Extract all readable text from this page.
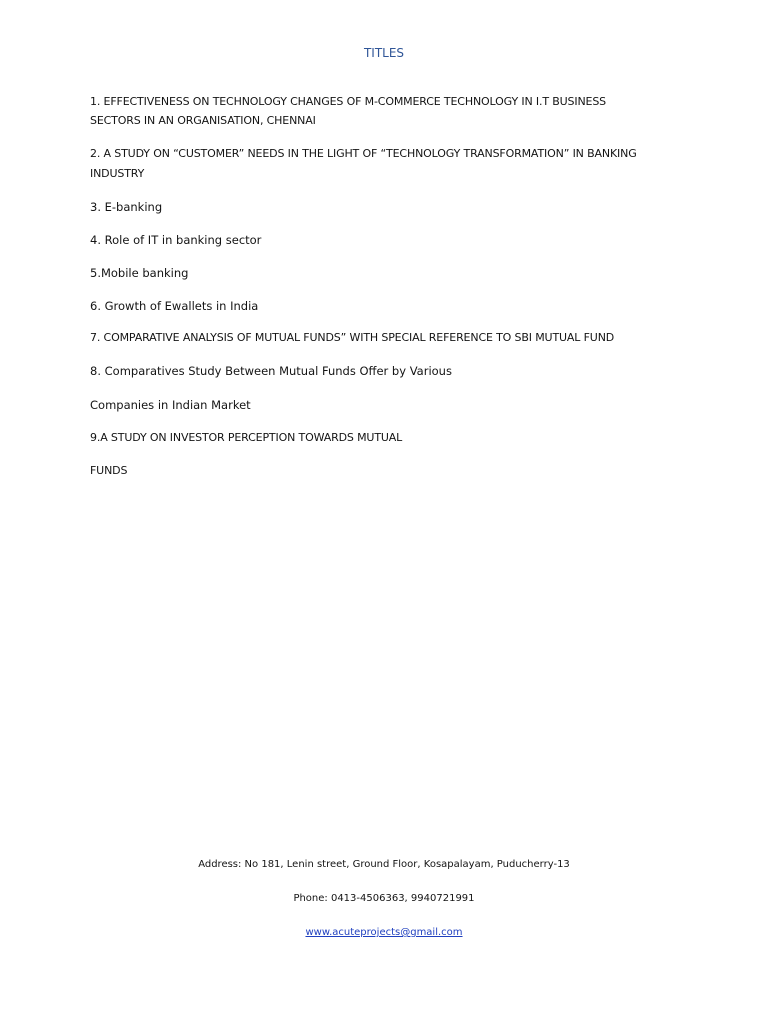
TITLES

1. EFFECTIVENESS ON TECHNOLOGY CHANGES OF M-COMMERCE TECHNOLOGY IN I.T BUSINESS

SECTORS IN AN ORGANISATION, CHENNAI

2. A STUDY ON “CUSTOMER” NEEDS IN THE LIGHT OF “TECHNOLOGY TRANSFORMATION” IN BANKING

INDUSTRY

3. E-banking

4. Role of IT in banking sector

5.Mobile banking

6. Growth of Ewallets in India

7. COMPARATIVE ANALYSIS OF MUTUAL FUNDS” WITH SPECIAL REFERENCE TO SBI MUTUAL FUND

8. Comparatives Study Between Mutual Funds Offer by Various

Companies in Indian Market

9.A STUDY ON INVESTOR PERCEPTION TOWARDS MUTUAL

FUNDS

Address: No 181, Lenin street, Ground Floor, Kosapalayam, Puducherry-13

Phone: 0413-4506363, 9940721991

www.acuteprojects@gmail.com
